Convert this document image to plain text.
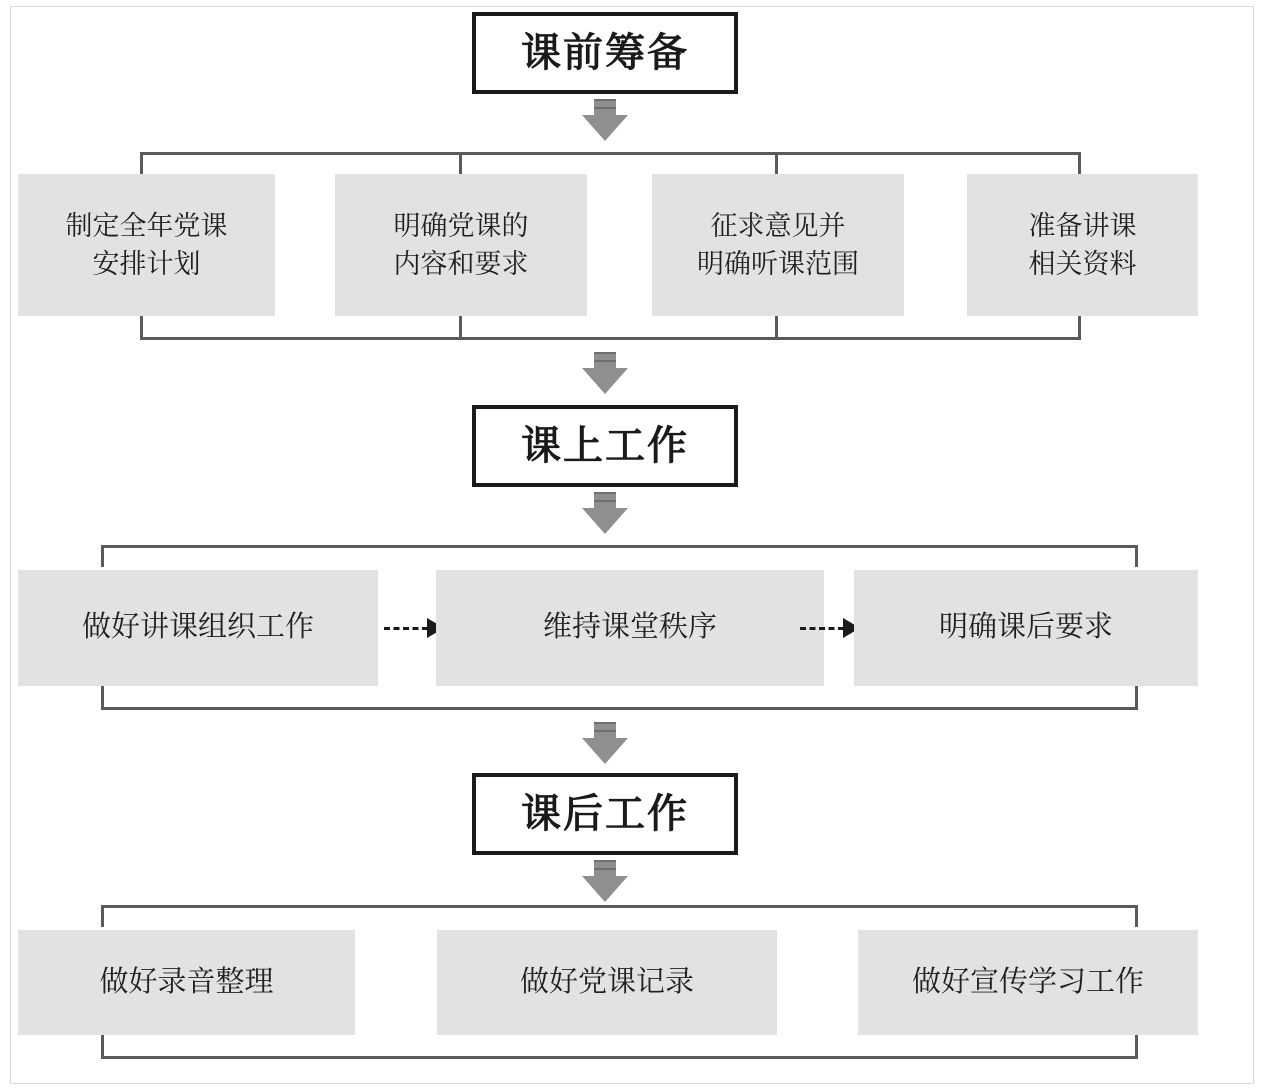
课前筹备
制定全年党课
安排计划
明确党课的
内容和要求
征求意见并
明确听课范围
准备讲课
相关资料
课上工作
做好讲课组织工作	维持课堂秩序	明确课后要求
课后工作
做好录音整理	做好党课记录	做好宣传学习工作
